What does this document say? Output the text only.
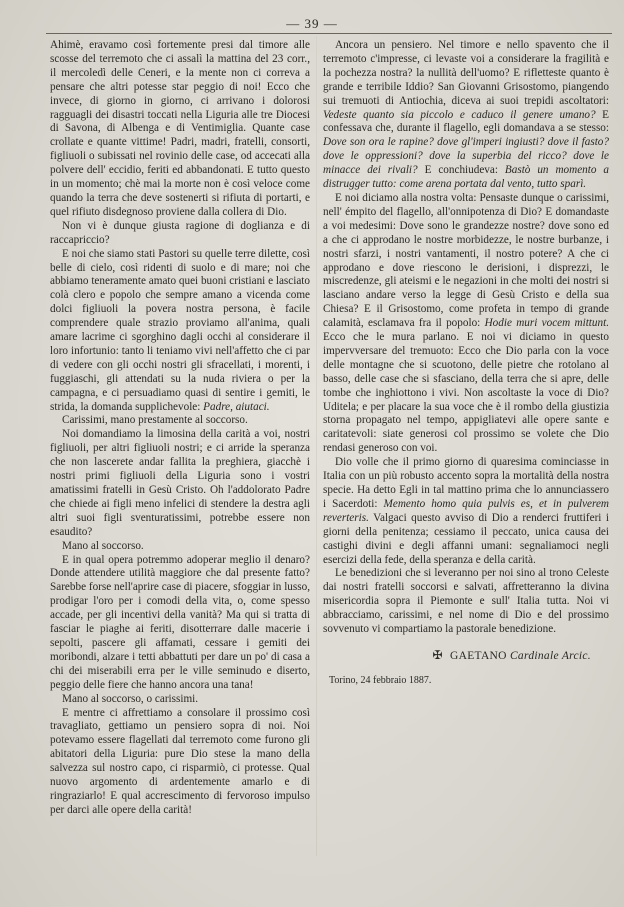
— 39 —

Ahimè, eravamo così fortemente presi dal timore alle scosse del terremoto che ci assalì la mattina del 23 corr., il mercoledì delle Ceneri, e la mente non ci correva a pensare che altri potesse star peggio di noi! Ecco che invece, di giorno in giorno, ci arrivano i dolorosi ragguagli dei disastri toccati nella Liguria alle tre Diocesi di Savona, di Albenga e di Ventimiglia. Quante case crollate e quante vittime! Padri, madri, fratelli, consorti, figliuoli o subissati nel rovinio delle case, od accecati alla polvere dell' eccidio, feriti ed abbandonati. E tutto questo in un momento; chè mai la morte non è così veloce come quando la terra che deve sostenerti si rifiuta di portarti, e quel rifiuto disdegnoso proviene dalla collera di Dio.

Non vi è dunque giusta ragione di doglianza e di raccapriccio?

E noi che siamo stati Pastori su quelle terre dilette, così belle di cielo, così ridenti di suolo e di mare; noi che abbiamo teneramente amato quei buoni cristiani e lasciato colà clero e popolo che sempre amano a vicenda come dolci figliuoli la povera nostra persona, è facile comprendere quale strazio proviamo all'anima, quali amare lacrime ci sgorghino dagli occhi al considerare il loro infortunio: tanto li teniamo vivi nell'affetto che ci par di vedere con gli occhi nostri gli sfracellati, i morenti, i fuggiaschi, gli attendati su la nuda riviera o per la campagna, e ci persuadiamo quasi di sentire i gemiti, le strida, la domanda supplichevole: Padre, aiutaci.

Carissimi, mano prestamente al soccorso.

Noi domandiamo la limosina della carità a voi, nostri figliuoli, per altri figliuoli nostri; e ci arride la speranza che non lascerete andar fallita la preghiera, giacchè i nostri primi figliuoli della Liguria sono i vostri amatissimi fratelli in Gesù Cristo. Oh l'addolorato Padre che chiede ai figli meno infelici di stendere la destra agli altri suoi figli sventuratissimi, potrebbe essere non esaudito?

Mano al soccorso.

E in qual opera potremmo adoperar meglio il denaro? Donde attendere utilità maggiore che dal presente fatto? Sarebbe forse nell'aprire case di piacere, sfoggiar in lusso, prodigar l'oro per i comodi della vita, o, come spesso accade, per gli incentivi della vanità? Ma qui si tratta di fasciar le piaghe ai feriti, disotterrare dalle macerie i sepolti, pascere gli affamati, cessare i gemiti dei moribondi, alzare i tetti abbattuti per dare un po' di casa a chi dei miserabili erra per le ville seminudo e diserto, peggio delle fiere che hanno ancora una tana!

Mano al soccorso, o carissimi.

E mentre ci affrettiamo a consolare il prossimo così travagliato, gettiamo un pensiero sopra di noi. Noi potevamo essere flagellati dal terremoto come furono gli abitatori della Liguria: pure Dio stese la mano della salvezza sul nostro capo, ci risparmiò, ci protesse. Qual nuovo argomento di ardentemente amarlo e di ringraziarlo! E qual accrescimento di fervoroso impulso per darci alle opere della carità!

Ancora un pensiero. Nel timore e nello spavento che il terremoto c'impresse, ci levaste voi a considerare la fragilità e la pochezza nostra? la nullità dell'uomo? E rifletteste quanto è grande e terribile Iddio? San Giovanni Grisostomo, piangendo sui tremuoti di Antiochia, diceva ai suoi trepidi ascoltatori: Vedeste quanto sia piccolo e caduco il genere umano? E confessava che, durante il flagello, egli domandava a se stesso: Dove son ora le rapine? dove gl'imperi ingiusti? dove il fasto? dove le oppressioni? dove la superbia del ricco? dove le minacce dei rivali? E conchiudeva: Bastò un momento a distrugger tutto: come arena portata dal vento, tutto sparì.

E noi diciamo alla nostra volta: Pensaste dunque o carissimi, nell' émpito del flagello, all'onnipotenza di Dio? E domandaste a voi medesimi: Dove sono le grandezze nostre? dove sono ed a che ci approdano le nostre morbidezze, le nostre burbanze, i nostri sfarzi, i nostri vantamenti, il nostro potere? A che ci approdano e dove riescono le derisioni, i disprezzi, le miscredenze, gli ateismi e le negazioni in che molti dei nostri si lasciano andare verso la legge di Gesù Cristo e della sua Chiesa? E il Grisostomo, come profeta in tempo di grande calamità, esclamava fra il popolo: Hodie muri vocem mittunt. Ecco che le mura parlano. E noi vi diciamo in questo impervversare del tremuoto: Ecco che Dio parla con la voce delle montagne che si scuotono, delle pietre che rotolano al basso, delle case che si sfasciano, della terra che si apre, delle tombe che inghiottono i vivi. Non ascoltaste la voce di Dio? Uditela; e per placare la sua voce che è il rombo della giustizia storna propagato nel tempo, appigliatevi alle opere sante e caritatevoli: siate generosi col prossimo se volete che Dio rendasi generoso con voi.

Dio volle che il primo giorno di quaresima cominciasse in Italia con un più robusto accento sopra la mortalità della nostra specie. Ha detto Egli in tal mattino prima che lo annunciassero i Sacerdoti: Memento homo quia pulvis es, et in pulverem reverteris. Valgaci questo avviso di Dio a renderci fruttiferi i giorni della penitenza; cessiamo il peccato, unica causa dei castighi divini e degli affanni umani: segnaliamoci negli esercizi della fede, della speranza e della carità.

Le benedizioni che si leveranno per noi sino al trono Celeste dai nostri fratelli soccorsi e salvati, affretteranno la divina misericordia sopra il Piemonte e sull' Italia tutta. Noi vi abbracciamo, carissimi, e nel nome di Dio e del prossimo sovvenuto vi compartiamo la pastorale benedizione.

✠ GAETANO Cardinale Arcic.
Torino, 24 febbraio 1887.
